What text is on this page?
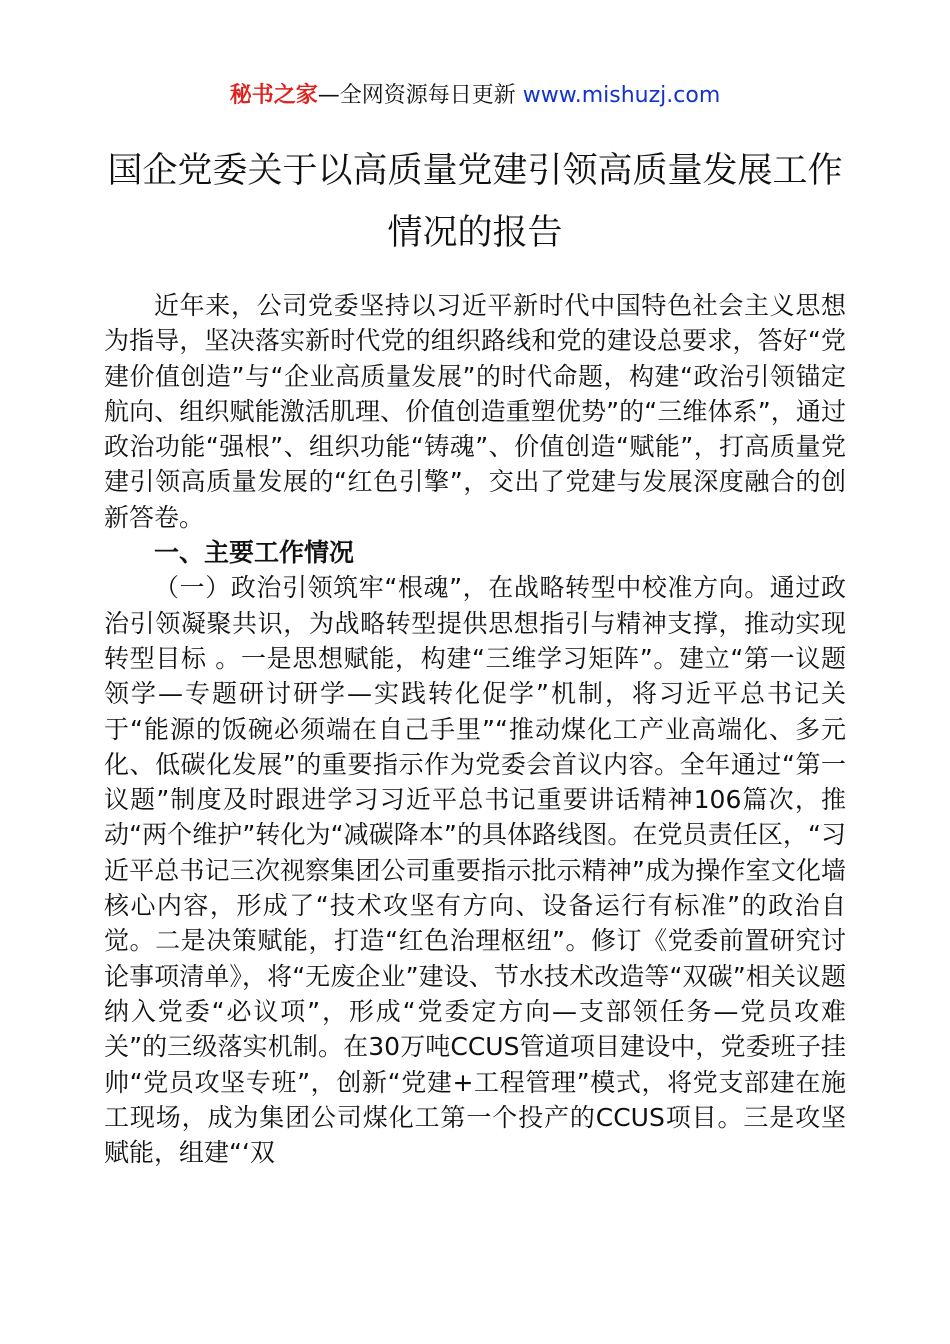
秘书之家—全网资源每日更新 www.mishuzj.com
国企党委关于以高质量党建引领高质量发展工作
情况的报告

近年来，公司党委坚持以习近平新时代中国特色社会主义思想为指导，坚决落实新时代党的组织路线和党的建设总要求，答好“党建价值创造”与“企业高质量发展”的时代命题，构建“政治引领锚定航向、组织赋能激活肌理、价值创造重塑优势”的“三维体系”，通过政治功能“强根”、组织功能“铸魂”、价值创造“赋能”，打高质量党建引领高质量发展的“红色引擎”，交出了党建与发展深度融合的创新答卷。

一、主要工作情况

（一）政治引领筑牢“根魂”，在战略转型中校准方向。通过政治引领凝聚共识，为战略转型提供思想指引与精神支撑，推动实现转型目标 。一是思想赋能，构建“三维学习矩阵”。建立“第一议题领学—专题研讨研学—实践转化促学”机制，将习近平总书记关于“能源的饭碗必须端在自己手里”“推动煤化工产业高端化、多元化、低碳化发展”的重要指示作为党委会首议内容。全年通过“第一议题”制度及时跟进学习习近平总书记重要讲话精神106篇次，推动“两个维护”转化为“减碳降本”的具体路线图。在党员责任区，“习近平总书记三次视察集团公司重要指示批示精神”成为操作室文化墙核心内容，形成了“技术攻坚有方向、设备运行有标准”的政治自觉。二是决策赋能，打造“红色治理枢纽”。修订《党委前置研究讨论事项清单》，将“无废企业”建设、节水技术改造等“双碳”相关议题纳入党委“必议项”，形成“党委定方向—支部领任务—党员攻难关”的三级落实机制。在30万吨CCUS管道项目建设中，党委班子挂帅“党员攻坚专班”，创新“党建+工程管理”模式，将党支部建在施工现场，成为集团公司煤化工第一个投产的CCUS项目。三是攻坚赋能，组建“‘双
